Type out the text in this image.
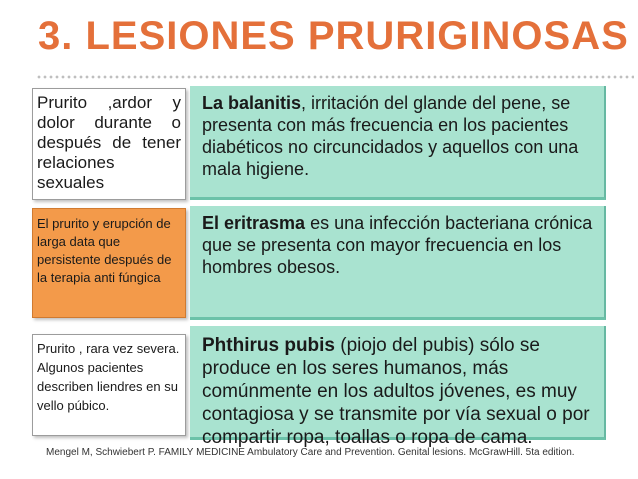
3. LESIONES PRURIGINOSAS
Prurito ,ardor y dolor durante o después de tener relaciones sexuales
El prurito y erupción de larga data que persistente después de la terapia anti fúngica
Prurito , rara vez severa. Algunos pacientes describen liendres en su vello púbico.
La balanitis, irritación del glande del pene, se presenta con más frecuencia en los pacientes diabéticos no circuncidados y aquellos con una mala higiene.
El eritrasma es una infección bacteriana crónica que se presenta con mayor frecuencia en los hombres obesos.
Phthirus pubis (piojo del pubis) sólo se produce en los seres humanos, más comúnmente en los adultos jóvenes, es muy contagiosa y se transmite por vía sexual o por compartir ropa, toallas o ropa de cama.
Mengel M, Schwiebert P. FAMILY MEDICINE Ambulatory Care and Prevention. Genital lesions. McGrawHill. 5ta edition.
